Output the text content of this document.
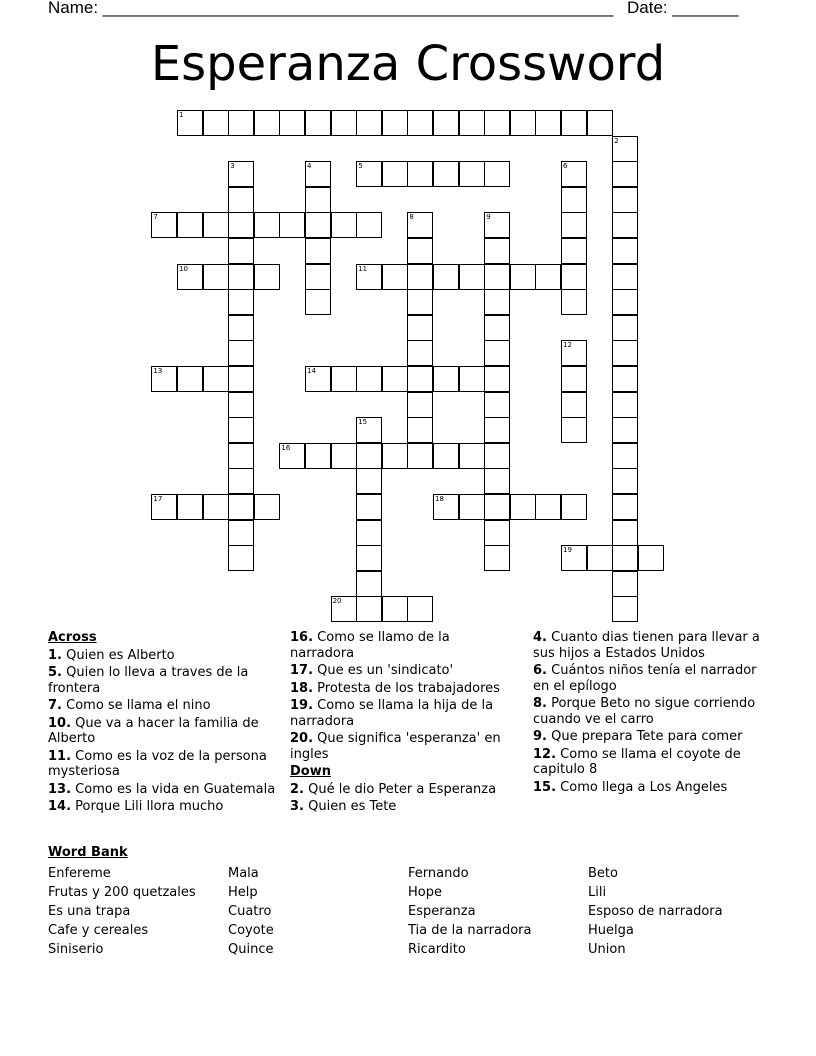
Name: ______________________________________________________ Date: _______
Esperanza Crossword
1
2
3	4	5	6
7	8	9
10	11
12
13	14
15
16
17	18
19
20
Across
1. Quien es Alberto
5. Quien lo lleva a traves de la frontera
7. Como se llama el nino
10. Que va a hacer la familia de Alberto
11. Como es la voz de la persona mysteriosa
13. Como es la vida en Guatemala
14. Porque Lili llora mucho
16. Como se llamo de la narradora
17. Que es un 'sindicato'
18. Protesta de los trabajadores
19. Como se llama la hija de la narradora
20. Que significa 'esperanza' en ingles
Down
2. Qué le dio Peter a Esperanza
3. Quien es Tete
4. Cuanto dias tienen para llevar a sus hijos a Estados Unidos
6. Cuántos niños tenía el narrador en el epílogo
8. Porque Beto no sigue corriendo cuando ve el carro
9. Que prepara Tete para comer
12. Como se llama el coyote de capitulo 8
15. Como llega a Los Angeles
Word Bank
Enfereme
Frutas y 200 quetzales
Es una trapa
Cafe y cereales
Siniserio
Mala
Help
Cuatro
Coyote
Quince
Fernando
Hope
Esperanza
Tia de la narradora
Ricardito
Beto
Lili
Esposo de narradora
Huelga
Union
